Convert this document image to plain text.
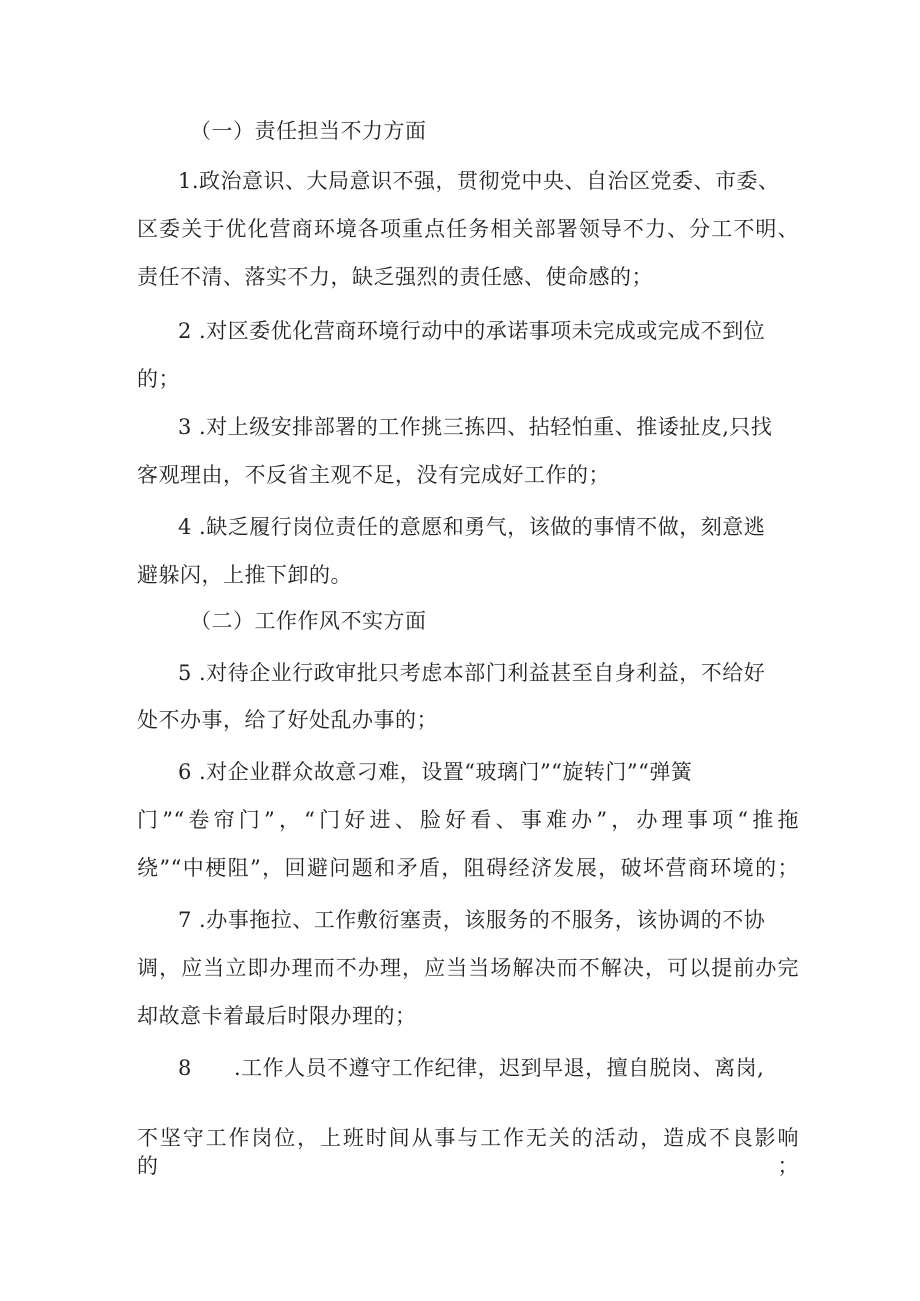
（一）责任担当不力方面
1.政治意识、大局意识不强，贯彻党中央、自治区党委、市委、
区委关于优化营商环境各项重点任务相关部署领导不力、分工不明、
责任不清、落实不力，缺乏强烈的责任感、使命感的；
2 .对区委优化营商环境行动中的承诺事项未完成或完成不到位
的；
3 .对上级安排部署的工作挑三拣四、拈轻怕重、推诿扯皮,只找
客观理由，不反省主观不足，没有完成好工作的；
4 .缺乏履行岗位责任的意愿和勇气，该做的事情不做，刻意逃
避躲闪，上推下卸的。
（二）工作作风不实方面
5 .对待企业行政审批只考虑本部门利益甚至自身利益，不给好
处不办事，给了好处乱办事的；
6 .对企业群众故意刁难，设置“玻璃门”“旋转门”“弹簧
门”“卷帘门”，“门好进、脸好看、事难办”，办理事项“推拖
绕”“中梗阻”，回避问题和矛盾，阻碍经济发展，破坏营商环境的；
7 .办事拖拉、工作敷衍塞责，该服务的不服务，该协调的不协
调，应当立即办理而不办理，应当当场解决而不解决，可以提前办完
却故意卡着最后时限办理的；
8 .工作人员不遵守工作纪律，迟到早退，擅自脱岗、离岗,
不坚守工作岗位，上班时间从事与工作无关的活动，造成不良影响的；
